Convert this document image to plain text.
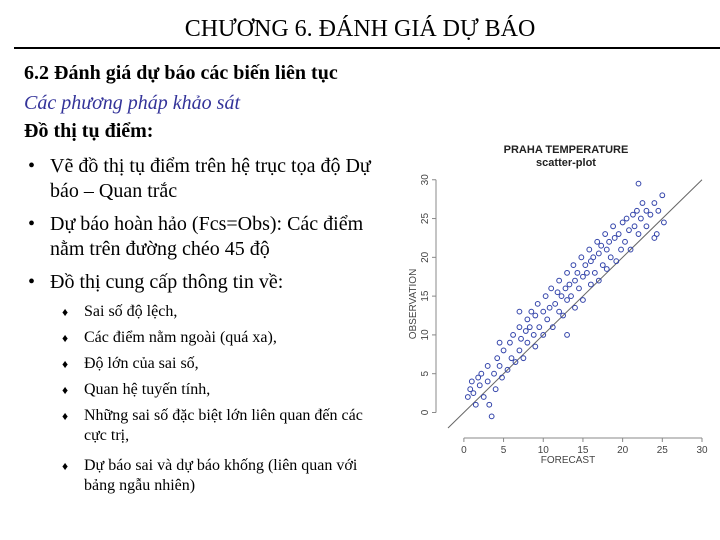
CHƯƠNG 6. ĐÁNH GIÁ DỰ BÁO
6.2 Đánh giá dự báo các biến liên tục
Các phương pháp khảo sát
Đồ thị tụ điểm:
• Vẽ đồ thị tụ điểm trên hệ trục tọa độ Dự báo – Quan trắc
• Dự báo hoàn hảo (Fcs=Obs): Các điểm nằm trên đường chéo 45 độ
• Đồ thị cung cấp thông tin về:
♦ Sai số độ lệch,
♦ Các điểm nằm ngoài (quá xa),
♦ Độ lớn của sai số,
♦ Quan hệ tuyến tính,
♦ Những sai số đặc biệt lớn liên quan đến các cực trị,
♦ Dự báo sai và dự báo khống (liên quan với bảng ngẫu nhiên)
PRAHA TEMPERATURE
scatter-plot
FORECAST
OBSERVATION
0	5	10	15	20	25	30
0
5
10
15
20
25
30
